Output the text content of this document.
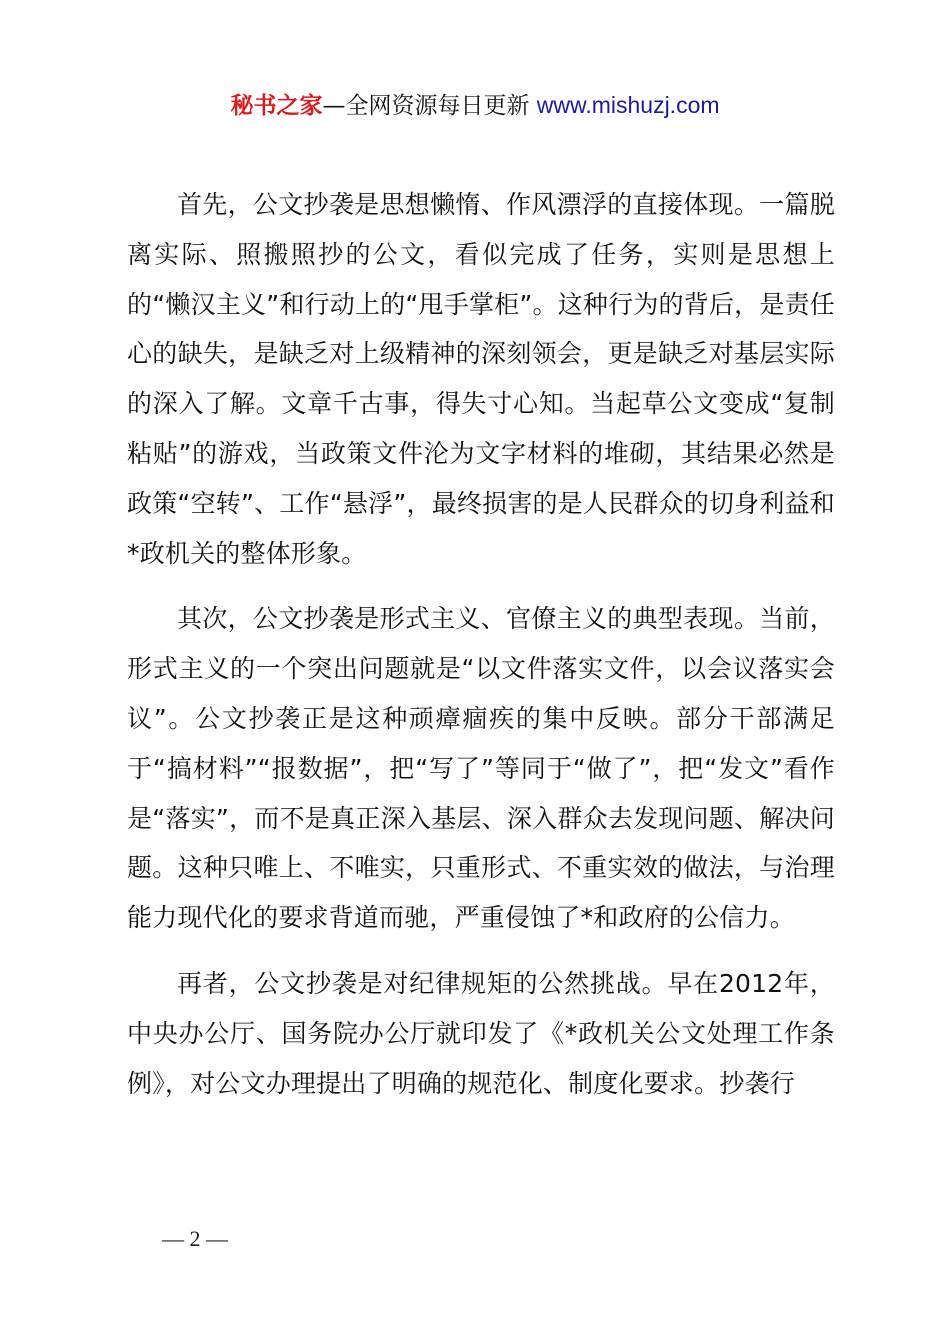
秘书之家—全网资源每日更新 www.mishuzj.com

首先，公文抄袭是思想懒惰、作风漂浮的直接体现。一篇脱离实际、照搬照抄的公文，看似完成了任务，实则是思想上的“懒汉主义”和行动上的“甩手掌柜”。这种行为的背后，是责任心的缺失，是缺乏对上级精神的深刻领会，更是缺乏对基层实际的深入了解。文章千古事，得失寸心知。当起草公文变成“复制粘贴”的游戏，当政策文件沦为文字材料的堆砌，其结果必然是政策“空转”、工作“悬浮”，最终损害的是人民群众的切身利益和*政机关的整体形象。

其次，公文抄袭是形式主义、官僚主义的典型表现。当前，形式主义的一个突出问题就是“以文件落实文件，以会议落实会议”。公文抄袭正是这种顽瘴痼疾的集中反映。部分干部满足于“搞材料”“报数据”，把“写了”等同于“做了”，把“发文”看作是“落实”，而不是真正深入基层、深入群众去发现问题、解决问题。这种只唯上、不唯实，只重形式、不重实效的做法，与治理能力现代化的要求背道而驰，严重侵蚀了*和政府的公信力。

再者，公文抄袭是对纪律规矩的公然挑战。早在2012年，中央办公厅、国务院办公厅就印发了《*政机关公文处理工作条例》，对公文办理提出了明确的规范化、制度化要求。抄袭行

— 2 —
